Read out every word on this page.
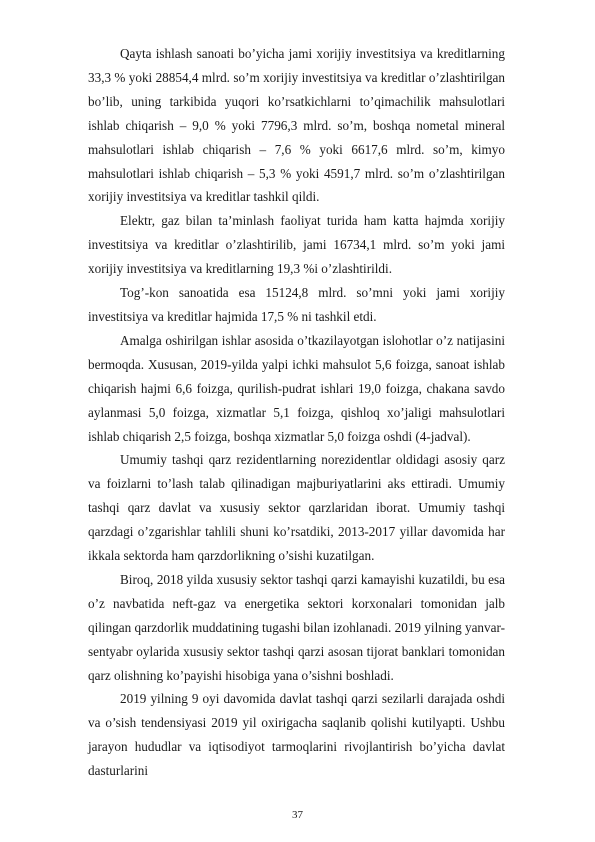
Qayta ishlash sanoati bo’yicha jami xorijiy investitsiya va kreditlarning 33,3 % yoki 28854,4 mlrd. so’m xorijiy investitsiya va kreditlar o’zlashtirilgan bo’lib, uning tarkibida yuqori ko’rsatkichlarni to’qimachilik mahsulotlari ishlab chiqarish – 9,0 % yoki 7796,3 mlrd. so’m, boshqa nometal mineral mahsulotlari ishlab chiqarish – 7,6 % yoki 6617,6 mlrd. so’m, kimyo mahsulotlari ishlab chiqarish – 5,3 % yoki 4591,7 mlrd. so’m o’zlashtirilgan xorijiy investitsiya va kreditlar tashkil qildi.

Elektr, gaz bilan ta’minlash faoliyat turida ham katta hajmda xorijiy investitsiya va kreditlar o’zlashtirilib, jami 16734,1 mlrd. so’m yoki jami xorijiy investitsiya va kreditlarning 19,3 %i o’zlashtirildi.

Tog’-kon sanoatida esa 15124,8 mlrd. so’mni yoki jami xorijiy investitsiya va kreditlar hajmida 17,5 % ni tashkil etdi.

Amalga oshirilgan ishlar asosida o’tkazilayotgan islohotlar o’z natijasini bermoqda. Xususan, 2019-yilda yalpi ichki mahsulot 5,6 foizga, sanoat ishlab chiqarish hajmi 6,6 foizga, qurilish-pudrat ishlari 19,0 foizga, chakana savdo aylanmasi 5,0 foizga, xizmatlar 5,1 foizga, qishloq xo’jaligi mahsulotlari ishlab chiqarish 2,5 foizga, boshqa xizmatlar 5,0 foizga oshdi (4-jadval).

Umumiy tashqi qarz rezidentlarning norezidentlar oldidagi asosiy qarz va foizlarni to’lash talab qilinadigan majburiyatlarini aks ettiradi. Umumiy tashqi qarz davlat va xususiy sektor qarzlaridan iborat. Umumiy tashqi qarzdagi o’zgarishlar tahlili shuni ko’rsatdiki, 2013-2017 yillar davomida har ikkala sektorda ham qarzdorlikning o’sishi kuzatilgan.

Biroq, 2018 yilda xususiy sektor tashqi qarzi kamayishi kuzatildi, bu esa o’z navbatida neft-gaz va energetika sektori korxonalari tomonidan jalb qilingan qarzdorlik muddatining tugashi bilan izohlanadi. 2019 yilning yanvar-sentyabr oylarida xususiy sektor tashqi qarzi asosan tijorat banklari tomonidan qarz olishning ko’payishi hisobiga yana o’sishni boshladi.

2019 yilning 9 oyi davomida davlat tashqi qarzi sezilarli darajada oshdi va o’sish tendensiyasi 2019 yil oxirigacha saqlanib qolishi kutilyapti. Ushbu jarayon hududlar va iqtisodiyot tarmoqlarini rivojlantirish bo’yicha davlat dasturlarini

37
